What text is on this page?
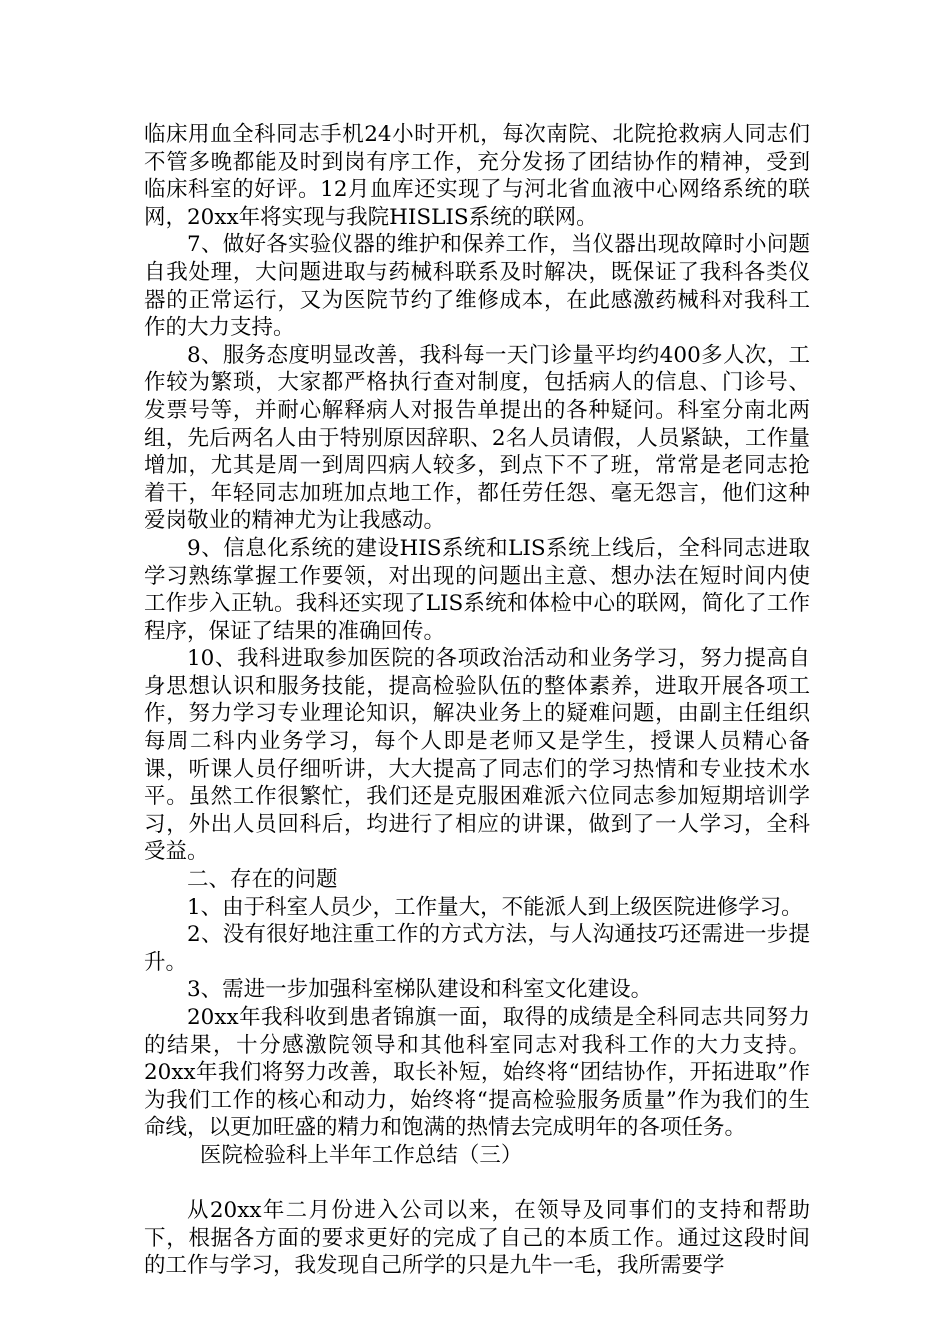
临床用血全科同志手机24小时开机，每次南院、北院抢救病人同志们不管多晚都能及时到岗有序工作，充分发扬了团结协作的精神，受到临床科室的好评。12月血库还实现了与河北省血液中心网络系统的联网，20xx年将实现与我院HISLIS系统的联网。

7、做好各实验仪器的维护和保养工作，当仪器出现故障时小问题自我处理，大问题进取与药械科联系及时解决，既保证了我科各类仪器的正常运行，又为医院节约了维修成本，在此感激药械科对我科工作的大力支持。

8、服务态度明显改善，我科每一天门诊量平均约400多人次，工作较为繁琐，大家都严格执行查对制度，包括病人的信息、门诊号、发票号等，并耐心解释病人对报告单提出的各种疑问。科室分南北两组，先后两名人由于特别原因辞职、2名人员请假，人员紧缺，工作量增加，尤其是周一到周四病人较多，到点下不了班，常常是老同志抢着干，年轻同志加班加点地工作，都任劳任怨、毫无怨言，他们这种爱岗敬业的精神尤为让我感动。

9、信息化系统的建设HIS系统和LIS系统上线后，全科同志进取学习熟练掌握工作要领，对出现的问题出主意、想办法在短时间内使工作步入正轨。我科还实现了LIS系统和体检中心的联网，简化了工作程序，保证了结果的准确回传。

10、我科进取参加医院的各项政治活动和业务学习，努力提高自身思想认识和服务技能，提高检验队伍的整体素养，进取开展各项工作，努力学习专业理论知识，解决业务上的疑难问题，由副主任组织每周二科内业务学习，每个人即是老师又是学生，授课人员精心备课，听课人员仔细听讲，大大提高了同志们的学习热情和专业技术水平。虽然工作很繁忙，我们还是克服困难派六位同志参加短期培训学习，外出人员回科后，均进行了相应的讲课，做到了一人学习，全科受益。

二、存在的问题

1、由于科室人员少，工作量大，不能派人到上级医院进修学习。

2、没有很好地注重工作的方式方法，与人沟通技巧还需进一步提升。

3、需进一步加强科室梯队建设和科室文化建设。

20xx年我科收到患者锦旗一面，取得的成绩是全科同志共同努力的结果，十分感激院领导和其他科室同志对我科工作的大力支持。20xx年我们将努力改善，取长补短，始终将“团结协作，开拓进取”作为我们工作的核心和动力，始终将“提高检验服务质量”作为我们的生命线，以更加旺盛的精力和饱满的热情去完成明年的各项任务。

医院检验科上半年工作总结（三）

从20xx年二月份进入公司以来，在领导及同事们的支持和帮助下，根据各方面的要求更好的完成了自己的本质工作。通过这段时间的工作与学习，我发现自己所学的只是九牛一毛，我所需要学
